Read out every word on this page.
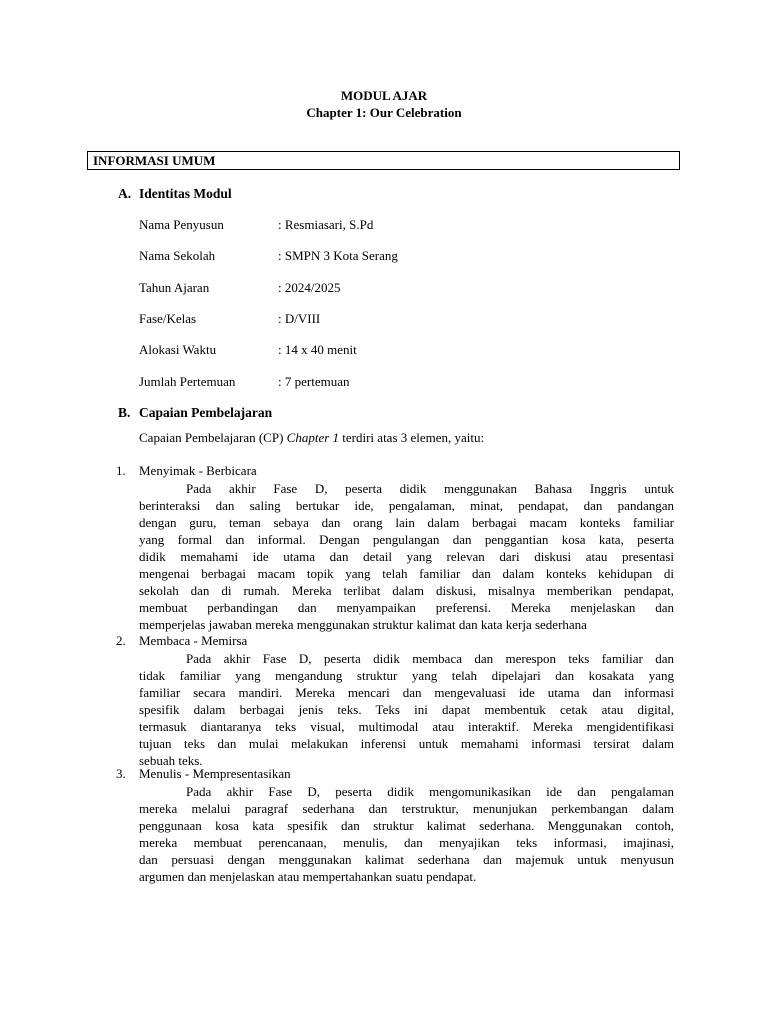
MODUL AJAR
Chapter 1: Our Celebration
INFORMASI UMUM
A. Identitas Modul
Nama Penyusun	: Resmiasari, S.Pd
Nama Sekolah	: SMPN 3 Kota Serang
Tahun Ajaran	: 2024/2025
Fase/Kelas	: D/VIII
Alokasi Waktu	: 14 x 40 menit
Jumlah Pertemuan	: 7 pertemuan
B. Capaian Pembelajaran
Capaian Pembelajaran (CP) Chapter 1 terdiri atas 3 elemen, yaitu:
1. Menyimak - Berbicara
Pada akhir Fase D, peserta didik menggunakan Bahasa Inggris untuk
berinteraksi dan saling bertukar ide, pengalaman, minat, pendapat, dan pandangan
dengan guru, teman sebaya dan orang lain dalam berbagai macam konteks familiar
yang formal dan informal. Dengan pengulangan dan penggantian kosa kata, peserta
didik memahami ide utama dan detail yang relevan dari diskusi atau presentasi
mengenai berbagai macam topik yang telah familiar dan dalam konteks kehidupan di
sekolah dan di rumah. Mereka terlibat dalam diskusi, misalnya memberikan pendapat,
membuat perbandingan dan menyampaikan preferensi. Mereka menjelaskan dan
memperjelas jawaban mereka menggunakan struktur kalimat dan kata kerja sederhana
2. Membaca - Memirsa
Pada akhir Fase D, peserta didik membaca dan merespon teks familiar dan
tidak familiar yang mengandung struktur yang telah dipelajari dan kosakata yang
familiar secara mandiri. Mereka mencari dan mengevaluasi ide utama dan informasi
spesifik dalam berbagai jenis teks. Teks ini dapat membentuk cetak atau digital,
termasuk diantaranya teks visual, multimodal atau interaktif. Mereka mengidentifikasi
tujuan teks dan mulai melakukan inferensi untuk memahami informasi tersirat dalam
sebuah teks.
3. Menulis - Mempresentasikan
Pada akhir Fase D, peserta didik mengomunikasikan ide dan pengalaman
mereka melalui paragraf sederhana dan terstruktur, menunjukan perkembangan dalam
penggunaan kosa kata spesifik dan struktur kalimat sederhana. Menggunakan contoh,
mereka membuat perencanaan, menulis, dan menyajikan teks informasi, imajinasi,
dan persuasi dengan menggunakan kalimat sederhana dan majemuk untuk menyusun
argumen dan menjelaskan atau mempertahankan suatu pendapat.
